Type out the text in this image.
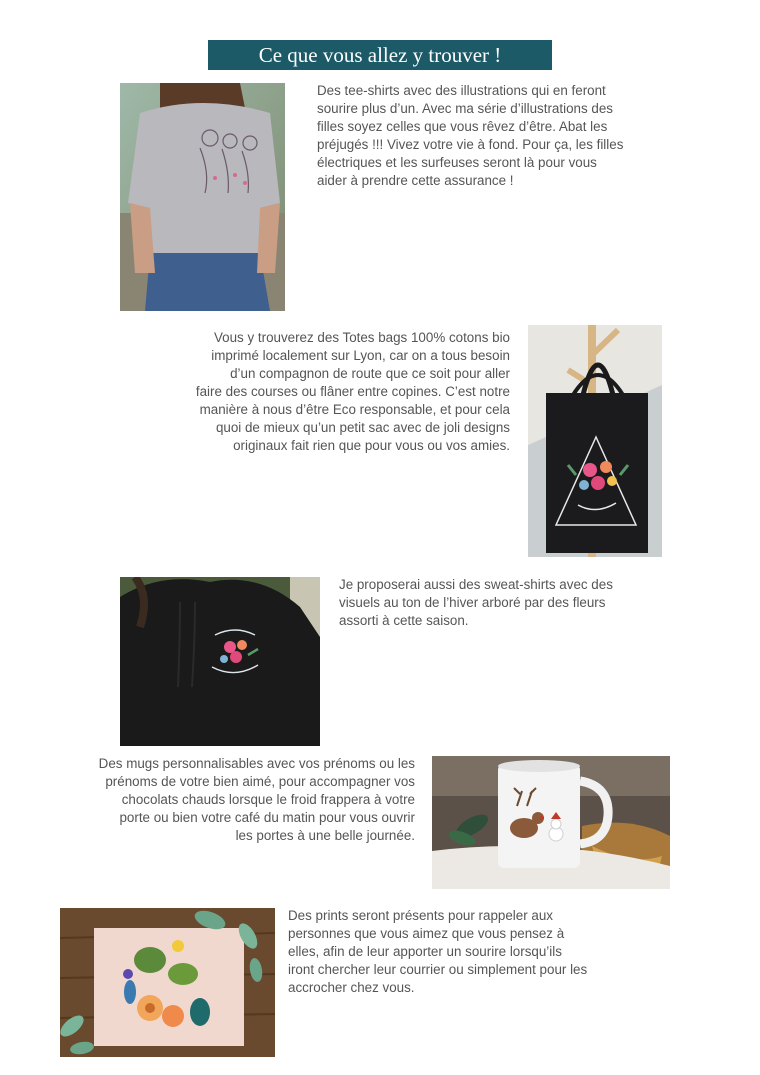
Ce que vous allez y trouver !
Des tee-shirts avec des illustrations qui en feront
sourire plus d’un. Avec ma série d’illustrations des
filles soyez celles que vous rêvez d’être. Abat les
préjugés !!! Vivez votre vie à fond. Pour ça, les filles
électriques et les surfeuses seront là pour vous
aider à prendre cette assurance !
Vous y trouverez des Totes bags 100% cotons bio
imprimé localement sur Lyon, car on a tous besoin
d’un compagnon de route que ce soit pour aller
faire des courses ou flâner entre copines. C’est notre
manière à nous d’être Eco responsable, et pour cela
quoi de mieux qu’un petit sac avec de joli designs
originaux fait rien que pour vous ou vos amies.
Je proposerai aussi des sweat-shirts avec des
visuels au ton de l’hiver arboré par des fleurs
assorti à cette saison.
Des mugs personnalisables avec vos prénoms ou les
prénoms de votre bien aimé, pour accompagner vos
chocolats chauds lorsque le froid frappera à votre
porte ou bien votre café du matin pour vous ouvrir
les portes à une belle journée.
Des prints seront présents pour rappeler aux
personnes que vous aimez que vous pensez à
elles, afin de leur apporter un sourire lorsqu’ils
iront chercher leur courrier ou simplement pour les
accrocher chez vous.
